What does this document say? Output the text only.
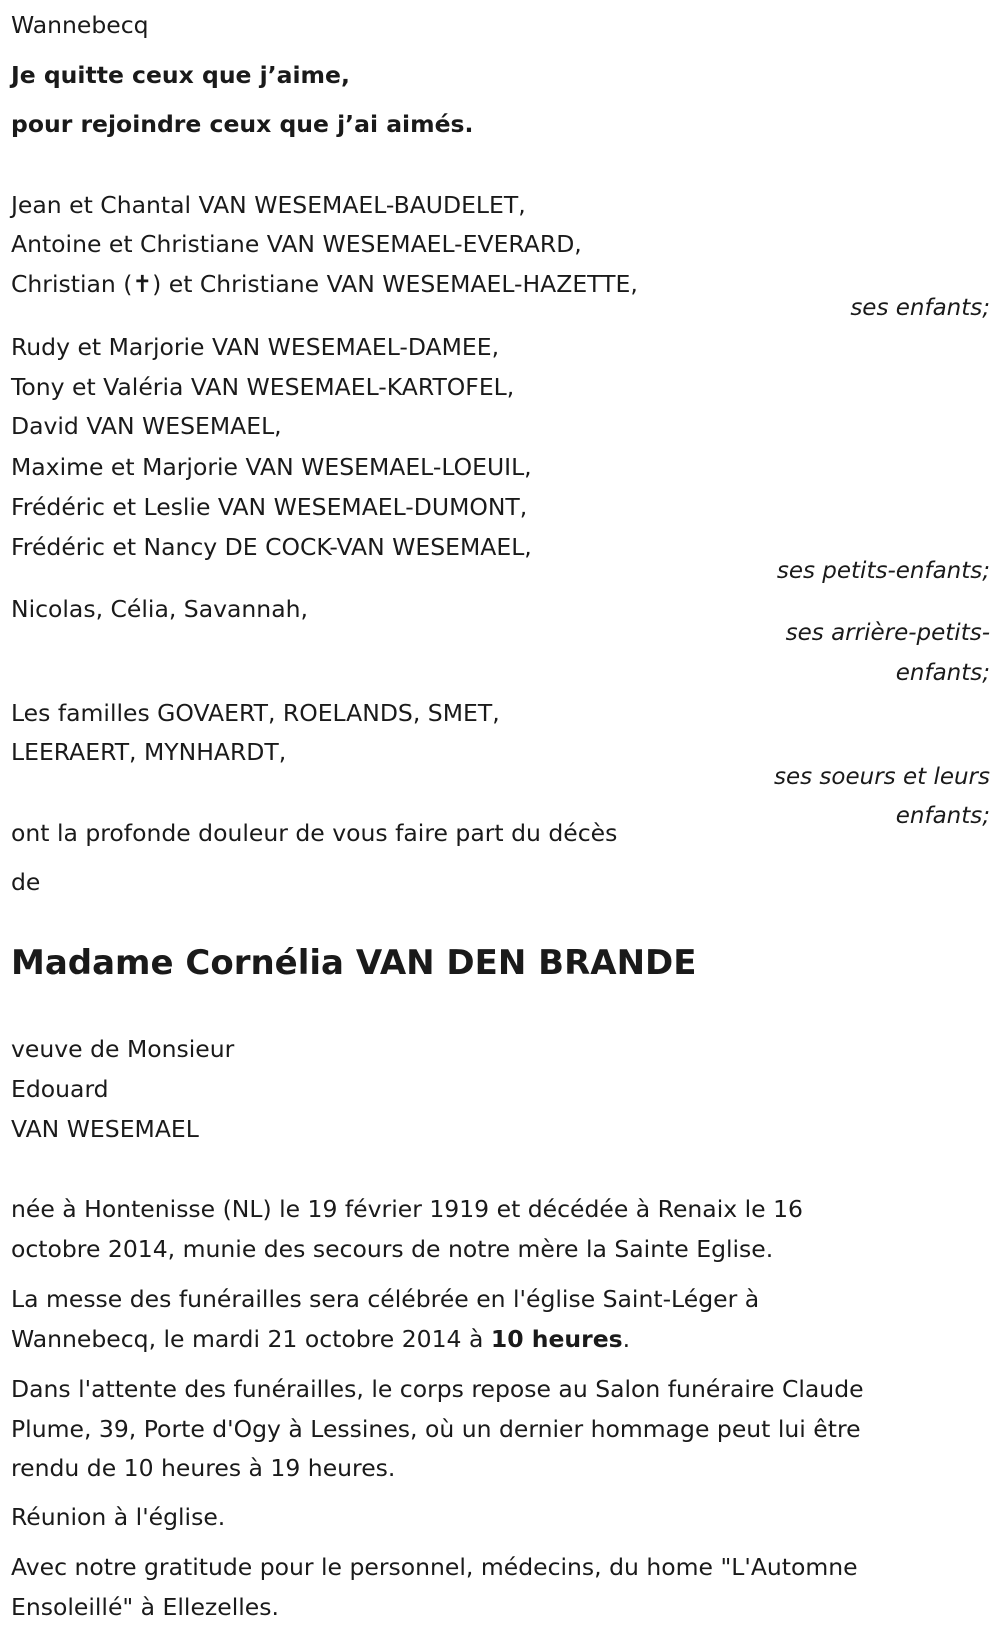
Wannebecq
Je quitte ceux que j’aime,
pour rejoindre ceux que j’ai aimés.
Jean et Chantal VAN WESEMAEL-BAUDELET,
Antoine et Christiane VAN WESEMAEL-EVERARD,
Christian (✝) et Christiane VAN WESEMAEL-HAZETTE,
ses enfants;
Rudy et Marjorie VAN WESEMAEL-DAMEE,
Tony et Valéria VAN WESEMAEL-KARTOFEL,
David VAN WESEMAEL,
Maxime et Marjorie VAN WESEMAEL-LOEUIL,
Frédéric et Leslie VAN WESEMAEL-DUMONT,
Frédéric et Nancy DE COCK-VAN WESEMAEL,
ses petits-enfants;
Nicolas, Célia, Savannah,
ses arrière-petits-
enfants;
Les familles GOVAERT, ROELANDS, SMET,
LEERAERT, MYNHARDT,
ses soeurs et leurs
enfants;
ont la profonde douleur de vous faire part du décès
de
Madame Cornélia VAN DEN BRANDE
veuve de Monsieur
Edouard
VAN WESEMAEL
née à Hontenisse (NL) le 19 février 1919 et décédée à Renaix le 16
octobre 2014, munie des secours de notre mère la Sainte Eglise.
La messe des funérailles sera célébrée en l'église Saint-Léger à
Wannebecq, le mardi 21 octobre 2014 à 10 heures.
Dans l'attente des funérailles, le corps repose au Salon funéraire Claude
Plume, 39, Porte d'Ogy à Lessines, où un dernier hommage peut lui être
rendu de 10 heures à 19 heures.
Réunion à l'église.
Avec notre gratitude pour le personnel, médecins, du home "L'Automne
Ensoleillé" à Ellezelles.
